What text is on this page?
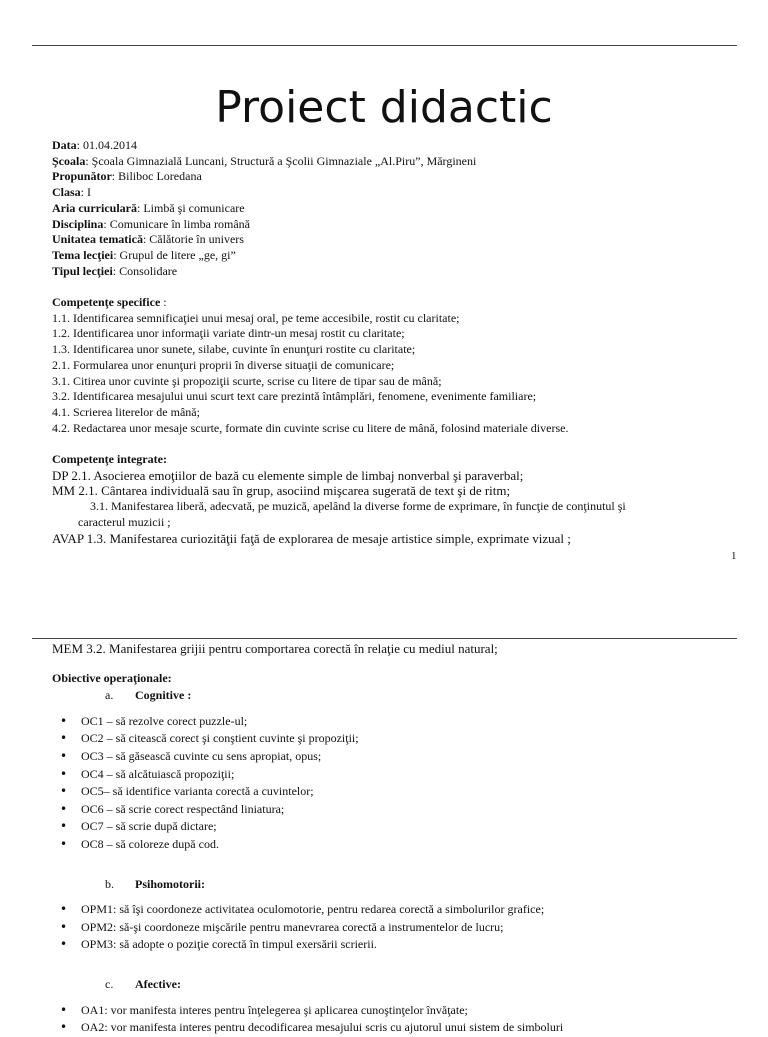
Proiect didactic
Data: 01.04.2014
Şcoala: Şcoala Gimnazială Luncani, Structură a Şcolii Gimnaziale „Al.Piru”, Mărgineni
Propunător: Biliboc Loredana
Clasa: I
Aria curriculară: Limbă şi comunicare
Disciplina: Comunicare în limba română
Unitatea tematică: Călătorie în univers
Tema lecţiei: Grupul de litere „ge, gi”
Tipul lecţiei: Consolidare
Competenţe specifice :
1.1. Identificarea semnificaţiei unui mesaj oral, pe teme accesibile, rostit cu claritate;
1.2. Identificarea unor informaţii variate dintr-un mesaj rostit cu claritate;
1.3. Identificarea unor sunete, silabe, cuvinte în enunţuri rostite cu claritate;
2.1. Formularea unor enunţuri proprii în diverse situaţii de comunicare;
3.1. Citirea unor cuvinte şi propoziţii scurte, scrise cu litere de tipar sau de mână;
3.2. Identificarea mesajului unui scurt text care prezintă întâmplări, fenomene, evenimente familiare;
4.1. Scrierea literelor de mână;
4.2. Redactarea unor mesaje scurte, formate din cuvinte scrise cu litere de mână, folosind materiale diverse.
Competenţe integrate:
DP 2.1. Asocierea emoţiilor de bază cu elemente simple de limbaj nonverbal şi paraverbal;
MM 2.1. Cântarea individuală sau în grup, asociind mişcarea sugerată de text şi de ritm;
3.1. Manifestarea liberă, adecvată, pe muzică, apelând la diverse forme de exprimare, în funcţie de conţinutul şi
caracterul muzicii ;
AVAP 1.3. Manifestarea curiozităţii faţă de explorarea de mesaje artistice simple, exprimate vizual ;
1
MEM 3.2. Manifestarea grijii pentru comportarea corectă în relaţie cu mediul natural;
Obiective operaţionale:
a. Cognitive :
• OC1 – să rezolve corect puzzle-ul;
• OC2 – să citească corect şi conştient cuvinte şi propoziţii;
• OC3 – să găsească cuvinte cu sens apropiat, opus;
• OC4 – să alcătuiască propoziţii;
• OC5– să identifice varianta corectă a cuvintelor;
• OC6 – să scrie corect respectând liniatura;
• OC7 – să scrie după dictare;
• OC8 – să coloreze după cod.
b. Psihomotorii:
• OPM1: să îşi coordoneze activitatea oculomotorie, pentru redarea corectă a simbolurilor grafice;
• OPM2: să-şi coordoneze mişcările pentru manevrarea corectă a instrumentelor de lucru;
• OPM3: să adopte o poziţie corectă în timpul exersării scrierii.
c. Afective:
• OA1: vor manifesta interes pentru înţelegerea şi aplicarea cunoştinţelor învăţate;
• OA2: vor manifesta interes pentru decodificarea mesajului scris cu ajutorul unui sistem de simboluri
